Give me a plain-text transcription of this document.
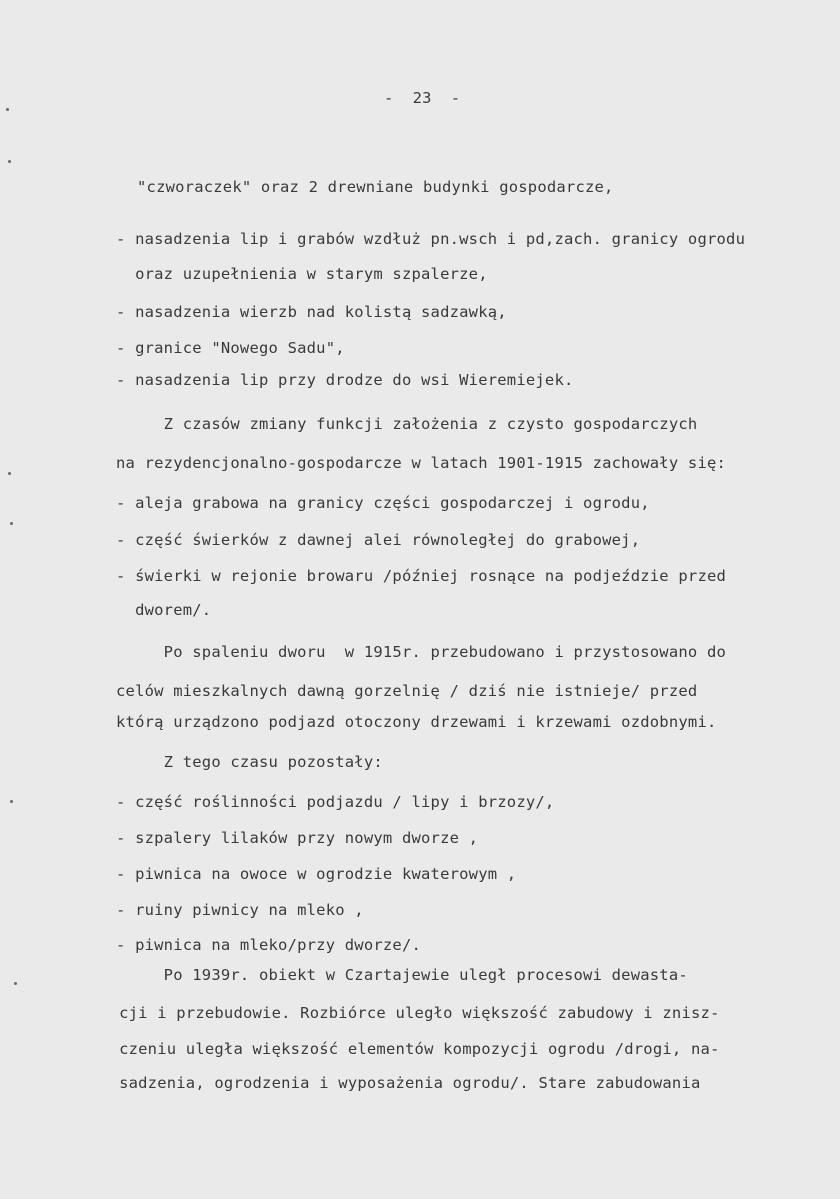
-  23  -
"czworaczek" oraz 2 drewniane budynki gospodarcze,
- nasadzenia lip i grabów wzdłuż pn.wsch i pd,zach. granicy ogrodu
oraz uzupełnienia w starym szpalerze,
- nasadzenia wierzb nad kolistą sadzawką,
- granice "Nowego Sadu",
- nasadzenia lip przy drodze do wsi Wieremiejek.
Z czasów zmiany funkcji założenia z czysto gospodarczych
na rezydencjonalno-gospodarcze w latach 1901-1915 zachowały się:
- aleja grabowa na granicy części gospodarczej i ogrodu,
- część świerków z dawnej alei równoległej do grabowej,
- świerki w rejonie browaru /później rosnące na podjeździe przed
dworem/.
Po spaleniu dworu  w 1915r. przebudowano i przystosowano do
celów mieszkalnych dawną gorzelnię / dziś nie istnieje/ przed
którą urządzono podjazd otoczony drzewami i krzewami ozdobnymi.
Z tego czasu pozostały:
- część roślinności podjazdu / lipy i brzozy/,
- szpalery lilaków przy nowym dworze ,
- piwnica na owoce w ogrodzie kwaterowym ,
- ruiny piwnicy na mleko ,
- piwnica na mleko/przy dworze/.
Po 1939r. obiekt w Czartajewie uległ procesowi dewasta-
cji i przebudowie. Rozbiórce uległo większość zabudowy i znisz-
czeniu uległa większość elementów kompozycji ogrodu /drogi, na-
sadzenia, ogrodzenia i wyposażenia ogrodu/. Stare zabudowania
